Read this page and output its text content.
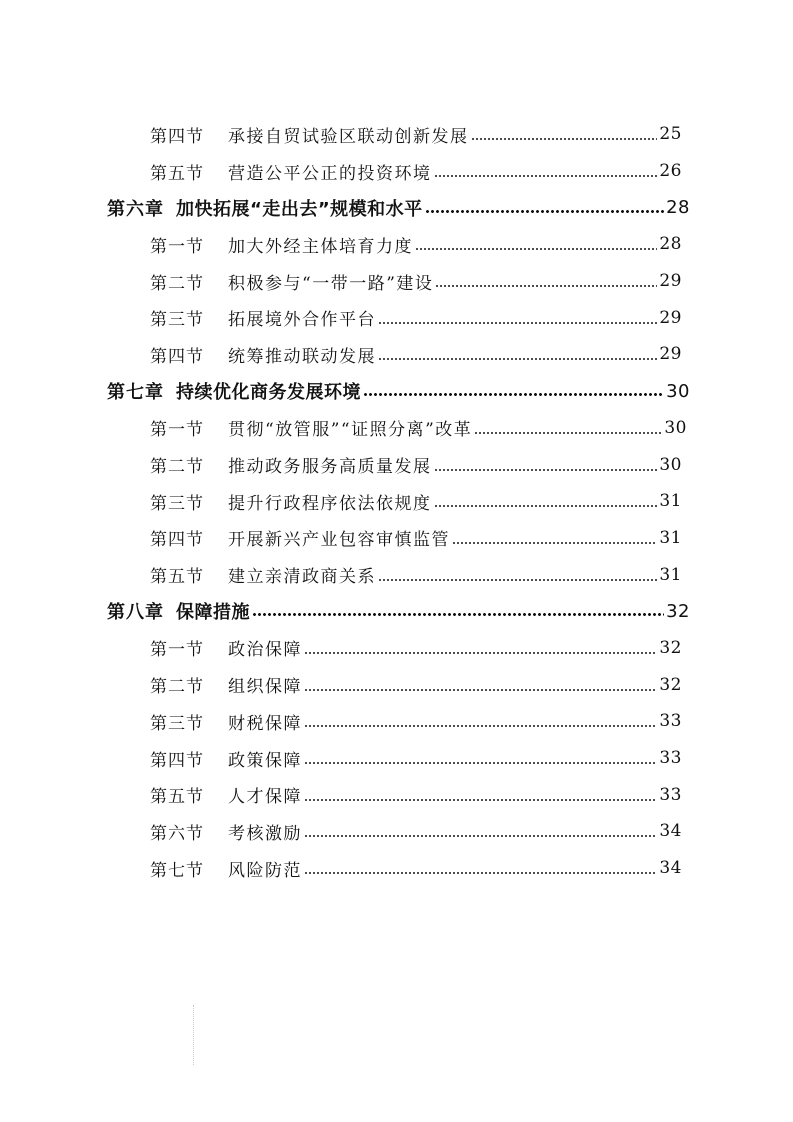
第四节 承接自贸试验区联动创新发展	25
第五节 营造公平公正的投资环境	26
第六章 加快拓展“走出去”规模和水平	28
第一节 加大外经主体培育力度	28
第二节 积极参与“一带一路”建设	29
第三节 拓展境外合作平台	29
第四节 统筹推动联动发展	29
第七章 持续优化商务发展环境	30
第一节 贯彻“放管服”“证照分离”改革	30
第二节 推动政务服务高质量发展	30
第三节 提升行政程序依法依规度	31
第四节 开展新兴产业包容审慎监管	31
第五节 建立亲清政商关系	31
第八章 保障措施	32
第一节 政治保障	32
第二节 组织保障	32
第三节 财税保障	33
第四节 政策保障	33
第五节 人才保障	33
第六节 考核激励	34
第七节 风险防范	34
